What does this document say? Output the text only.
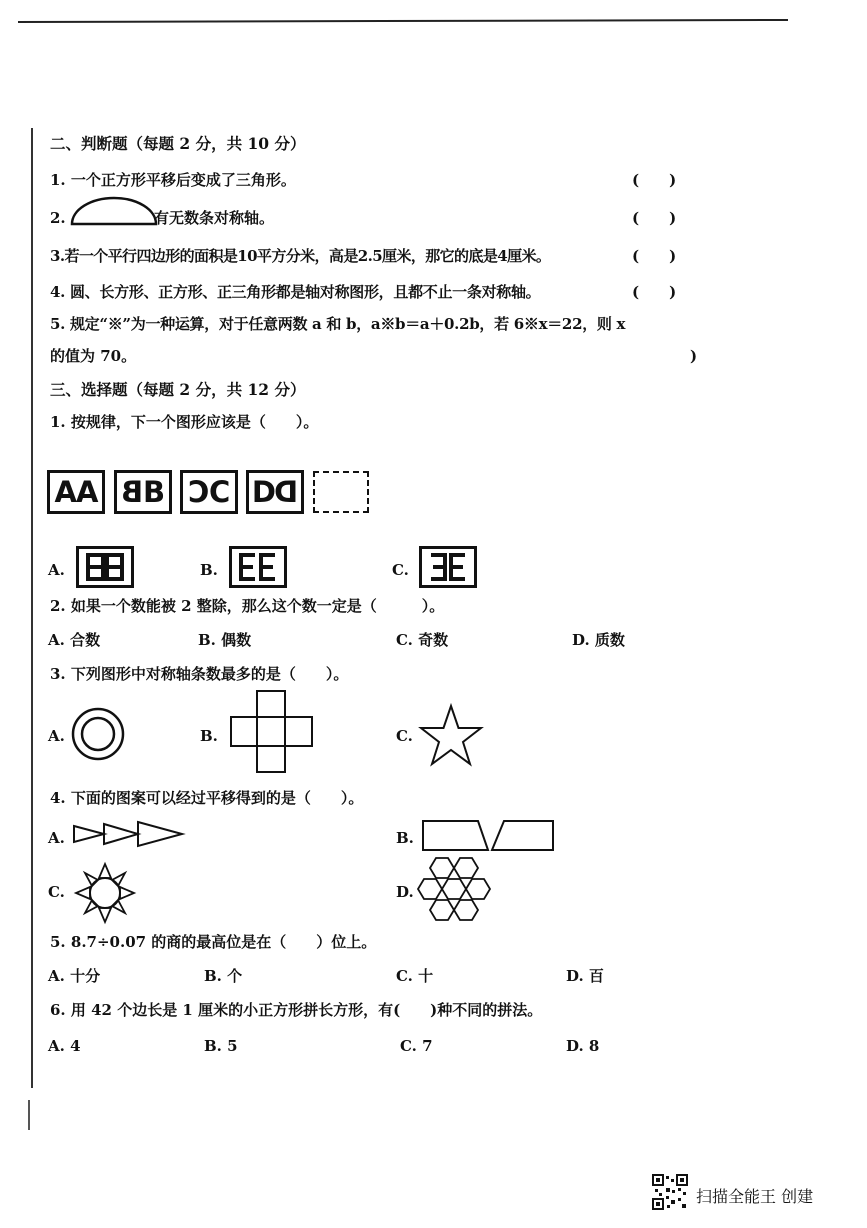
二、判断题（每题 2 分，共 10 分）
1. 一个正方形平移后变成了三角形。	(　　)
2.	有无数条对称轴。	(　　)
3.若一个平行四边形的面积是10平方分米，高是2.5厘米，那它的底是4厘米。	(　　)
4. 圆、长方形、正方形、正三角形都是轴对称图形，且都不止一条对称轴。	(　　)
5. 规定“※”为一种运算，对于任意两数 a 和 b，a※b＝a＋0.2b，若 6※x＝22，则 x
的值为 70。	)
三、选择题（每题 2 分，共 12 分）
1. 按规律，下一个图形应该是（　　）。
AA B B C C D D
A.	B.	C.
2. 如果一个数能被 2 整除，那么这个数一定是（　　　）。
A. 合数	B. 偶数	C. 奇数	D. 质数
3. 下列图形中对称轴条数最多的是（　　）。
A.	B.	C.
4. 下面的图案可以经过平移得到的是（　　）。
A.	B.
C.	D.
5. 8.7÷0.07 的商的最高位是在（　　）位上。
A. 十分	B. 个	C. 十	D. 百
6. 用 42 个边长是 1 厘米的小正方形拼长方形，有(　　)种不同的拼法。
A. 4	B. 5	C. 7	D. 8
扫描全能王 创建
